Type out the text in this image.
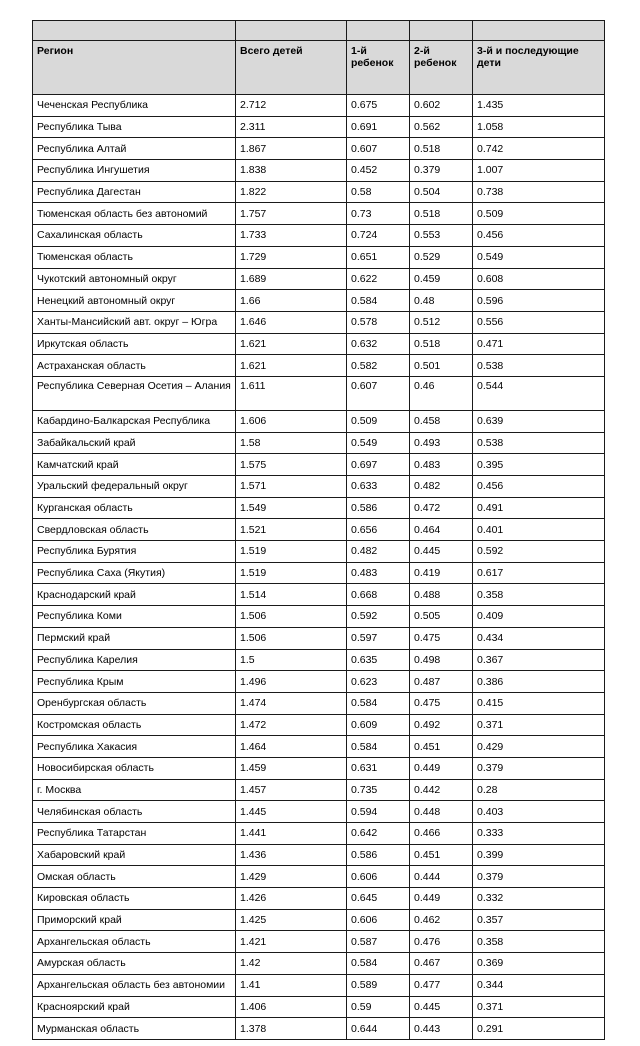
Регион	Всего детей	1-й ребенок	2-й ребенок	3-й и последующие дети
Чеченская Республика	2.712	0.675	0.602	1.435
Республика Тыва	2.311	0.691	0.562	1.058
Республика Алтай	1.867	0.607	0.518	0.742
Республика Ингушетия	1.838	0.452	0.379	1.007
Республика Дагестан	1.822	0.58	0.504	0.738
Тюменская область без автономий	1.757	0.73	0.518	0.509
Сахалинская область	1.733	0.724	0.553	0.456
Тюменская область	1.729	0.651	0.529	0.549
Чукотский автономный округ	1.689	0.622	0.459	0.608
Ненецкий автономный округ	1.66	0.584	0.48	0.596
Ханты-Мансийский авт. округ – Югра	1.646	0.578	0.512	0.556
Иркутская область	1.621	0.632	0.518	0.471
Астраханская область	1.621	0.582	0.501	0.538
Республика Северная Осетия – Алания	1.611	0.607	0.46	0.544
Кабардино-Балкарская Республика	1.606	0.509	0.458	0.639
Забайкальский край	1.58	0.549	0.493	0.538
Камчатский край	1.575	0.697	0.483	0.395
Уральский федеральный округ	1.571	0.633	0.482	0.456
Курганская область	1.549	0.586	0.472	0.491
Свердловская область	1.521	0.656	0.464	0.401
Республика Бурятия	1.519	0.482	0.445	0.592
Республика Саха (Якутия)	1.519	0.483	0.419	0.617
Краснодарский край	1.514	0.668	0.488	0.358
Республика Коми	1.506	0.592	0.505	0.409
Пермский край	1.506	0.597	0.475	0.434
Республика Карелия	1.5	0.635	0.498	0.367
Республика Крым	1.496	0.623	0.487	0.386
Оренбургская область	1.474	0.584	0.475	0.415
Костромская область	1.472	0.609	0.492	0.371
Республика Хакасия	1.464	0.584	0.451	0.429
Новосибирская область	1.459	0.631	0.449	0.379
г. Москва	1.457	0.735	0.442	0.28
Челябинская область	1.445	0.594	0.448	0.403
Республика Татарстан	1.441	0.642	0.466	0.333
Хабаровский край	1.436	0.586	0.451	0.399
Омская область	1.429	0.606	0.444	0.379
Кировская область	1.426	0.645	0.449	0.332
Приморский край	1.425	0.606	0.462	0.357
Архангельская область	1.421	0.587	0.476	0.358
Амурская область	1.42	0.584	0.467	0.369
Архангельская область без автономии	1.41	0.589	0.477	0.344
Красноярский край	1.406	0.59	0.445	0.371
Мурманская область	1.378	0.644	0.443	0.291
